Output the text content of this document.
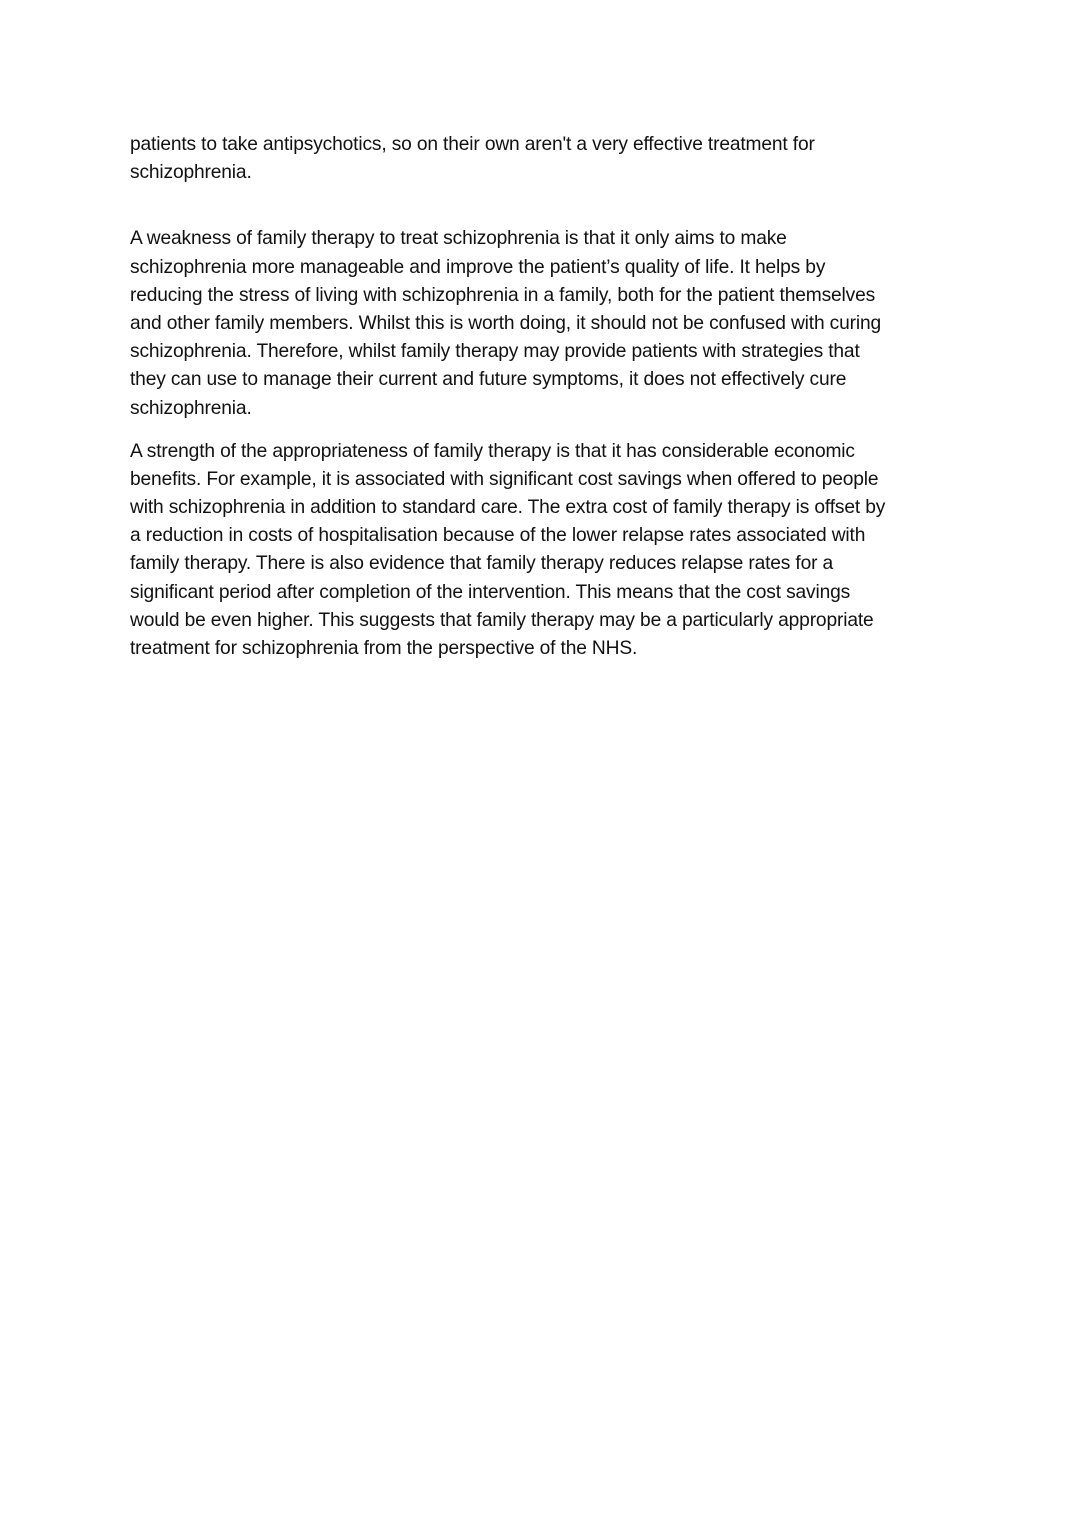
patients to take antipsychotics, so on their own aren't a very effective treatment for
schizophrenia.

A weakness of family therapy to treat schizophrenia is that it only aims to make
schizophrenia more manageable and improve the patient’s quality of life. It helps by
reducing the stress of living with schizophrenia in a family, both for the patient themselves
and other family members. Whilst this is worth doing, it should not be confused with curing
schizophrenia. Therefore, whilst family therapy may provide patients with strategies that
they can use to manage their current and future symptoms, it does not effectively cure
schizophrenia.

A strength of the appropriateness of family therapy is that it has considerable economic
benefits. For example, it is associated with significant cost savings when offered to people
with schizophrenia in addition to standard care. The extra cost of family therapy is offset by
a reduction in costs of hospitalisation because of the lower relapse rates associated with
family therapy. There is also evidence that family therapy reduces relapse rates for a
significant period after completion of the intervention. This means that the cost savings
would be even higher. This suggests that family therapy may be a particularly appropriate
treatment for schizophrenia from the perspective of the NHS.
